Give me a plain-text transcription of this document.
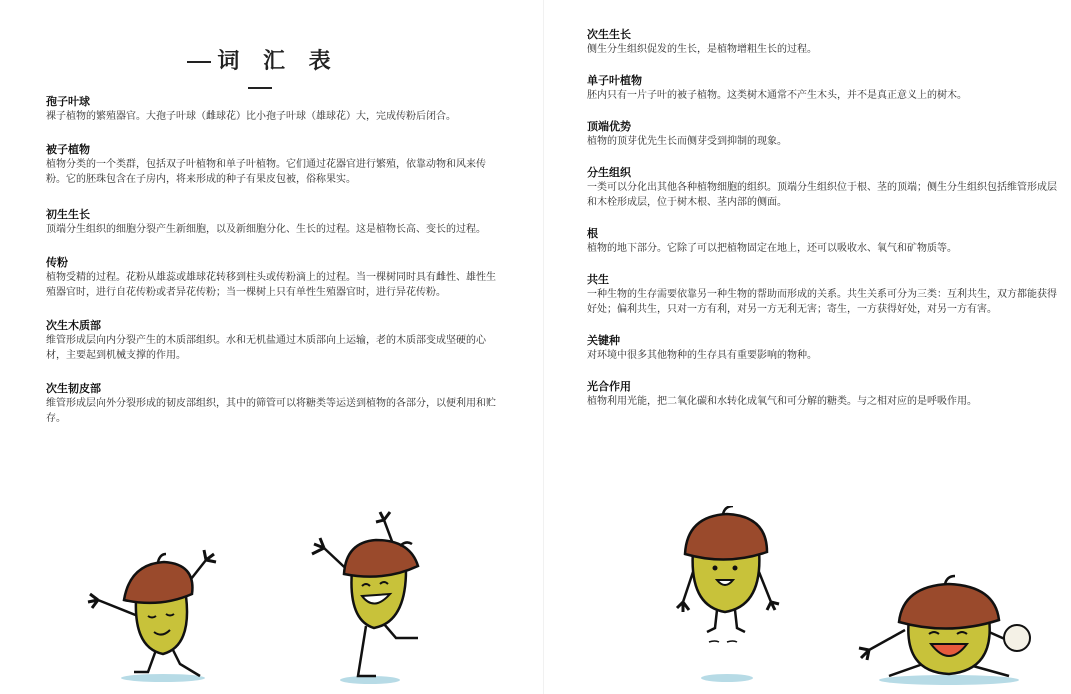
词 汇 表
孢子叶球
裸子植物的繁殖器官。大孢子叶球（雌球花）比小孢子叶球（雄球花）大，完成传粉后闭合。
被子植物
植物分类的一个类群，包括双子叶植物和单子叶植物。它们通过花器官进行繁殖，依靠动物和风来传粉。它的胚珠包含在子房内，将来形成的种子有果皮包被，俗称果实。
初生生长
顶端分生组织的细胞分裂产生新细胞，以及新细胞分化、生长的过程。这是植物长高、变长的过程。
传粉
植物受精的过程。花粉从雄蕊或雄球花转移到柱头或传粉滴上的过程。当一棵树同时具有雌性、雄性生殖器官时，进行自花传粉或者异花传粉；当一棵树上只有单性生殖器官时，进行异花传粉。
次生木质部
维管形成层向内分裂产生的木质部组织。水和无机盐通过木质部向上运输，老的木质部变成坚硬的心材，主要起到机械支撑的作用。
次生韧皮部
维管形成层向外分裂形成的韧皮部组织，其中的筛管可以将糖类等运送到植物的各部分，以便利用和贮存。
次生生长
侧生分生组织促发的生长，是植物增粗生长的过程。
单子叶植物
胚内只有一片子叶的被子植物。这类树木通常不产生木头，并不是真正意义上的树木。
顶端优势
植物的顶芽优先生长而侧芽受到抑制的现象。
分生组织
一类可以分化出其他各种植物细胞的组织。顶端分生组织位于根、茎的顶端；侧生分生组织包括维管形成层和木栓形成层，位于树木根、茎内部的侧面。
根
植物的地下部分。它除了可以把植物固定在地上，还可以吸收水、氧气和矿物质等。
共生
一种生物的生存需要依靠另一种生物的帮助而形成的关系。共生关系可分为三类：互利共生，双方都能获得好处；偏利共生，只对一方有利，对另一方无利无害；寄生，一方获得好处，对另一方有害。
关键种
对环境中很多其他物种的生存具有重要影响的物种。
光合作用
植物利用光能，把二氧化碳和水转化成氧气和可分解的糖类。与之相对应的是呼吸作用。
